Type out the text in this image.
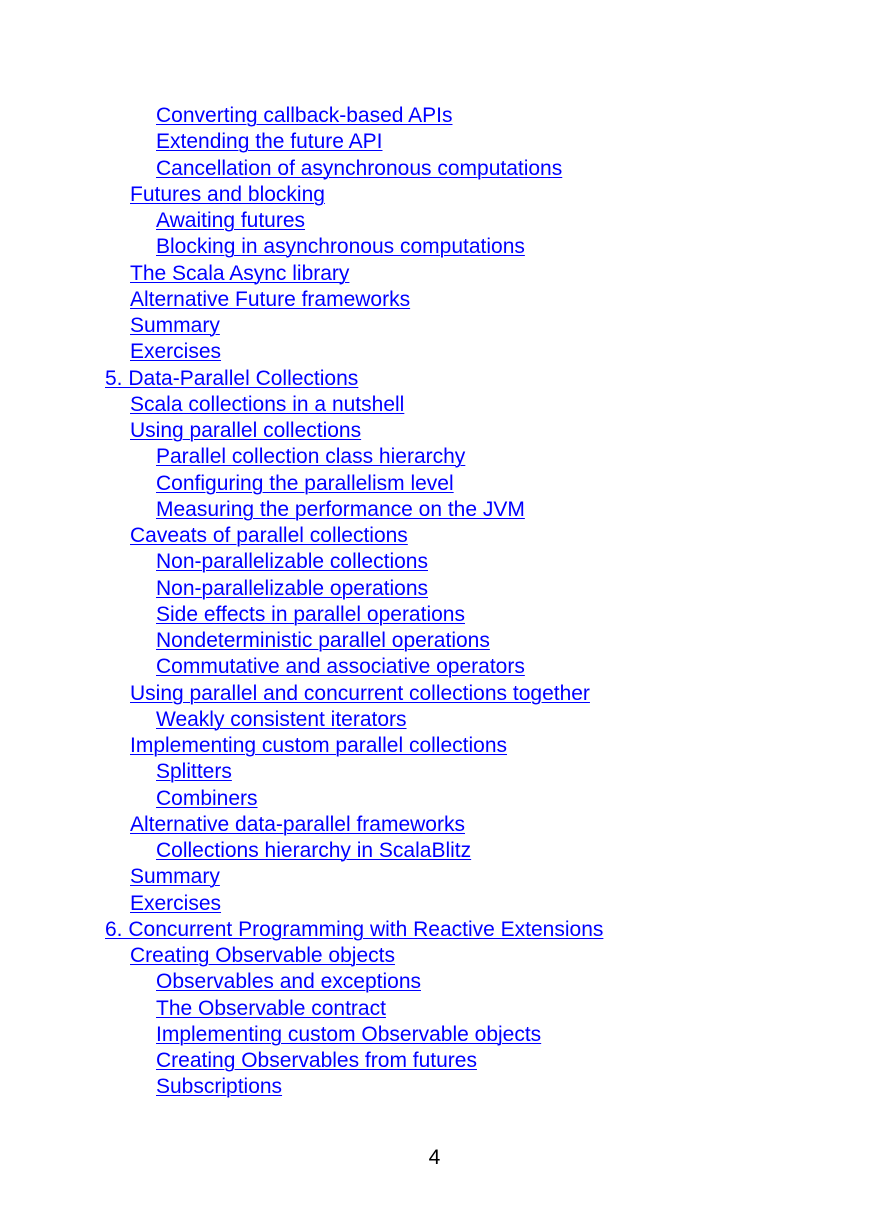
Converting callback-based APIs
Extending the future API
Cancellation of asynchronous computations
Futures and blocking
Awaiting futures
Blocking in asynchronous computations
The Scala Async library
Alternative Future frameworks
Summary
Exercises
5. Data-Parallel Collections
Scala collections in a nutshell
Using parallel collections
Parallel collection class hierarchy
Configuring the parallelism level
Measuring the performance on the JVM
Caveats of parallel collections
Non-parallelizable collections
Non-parallelizable operations
Side effects in parallel operations
Nondeterministic parallel operations
Commutative and associative operators
Using parallel and concurrent collections together
Weakly consistent iterators
Implementing custom parallel collections
Splitters
Combiners
Alternative data-parallel frameworks
Collections hierarchy in ScalaBlitz
Summary
Exercises
6. Concurrent Programming with Reactive Extensions
Creating Observable objects
Observables and exceptions
The Observable contract
Implementing custom Observable objects
Creating Observables from futures
Subscriptions
4
